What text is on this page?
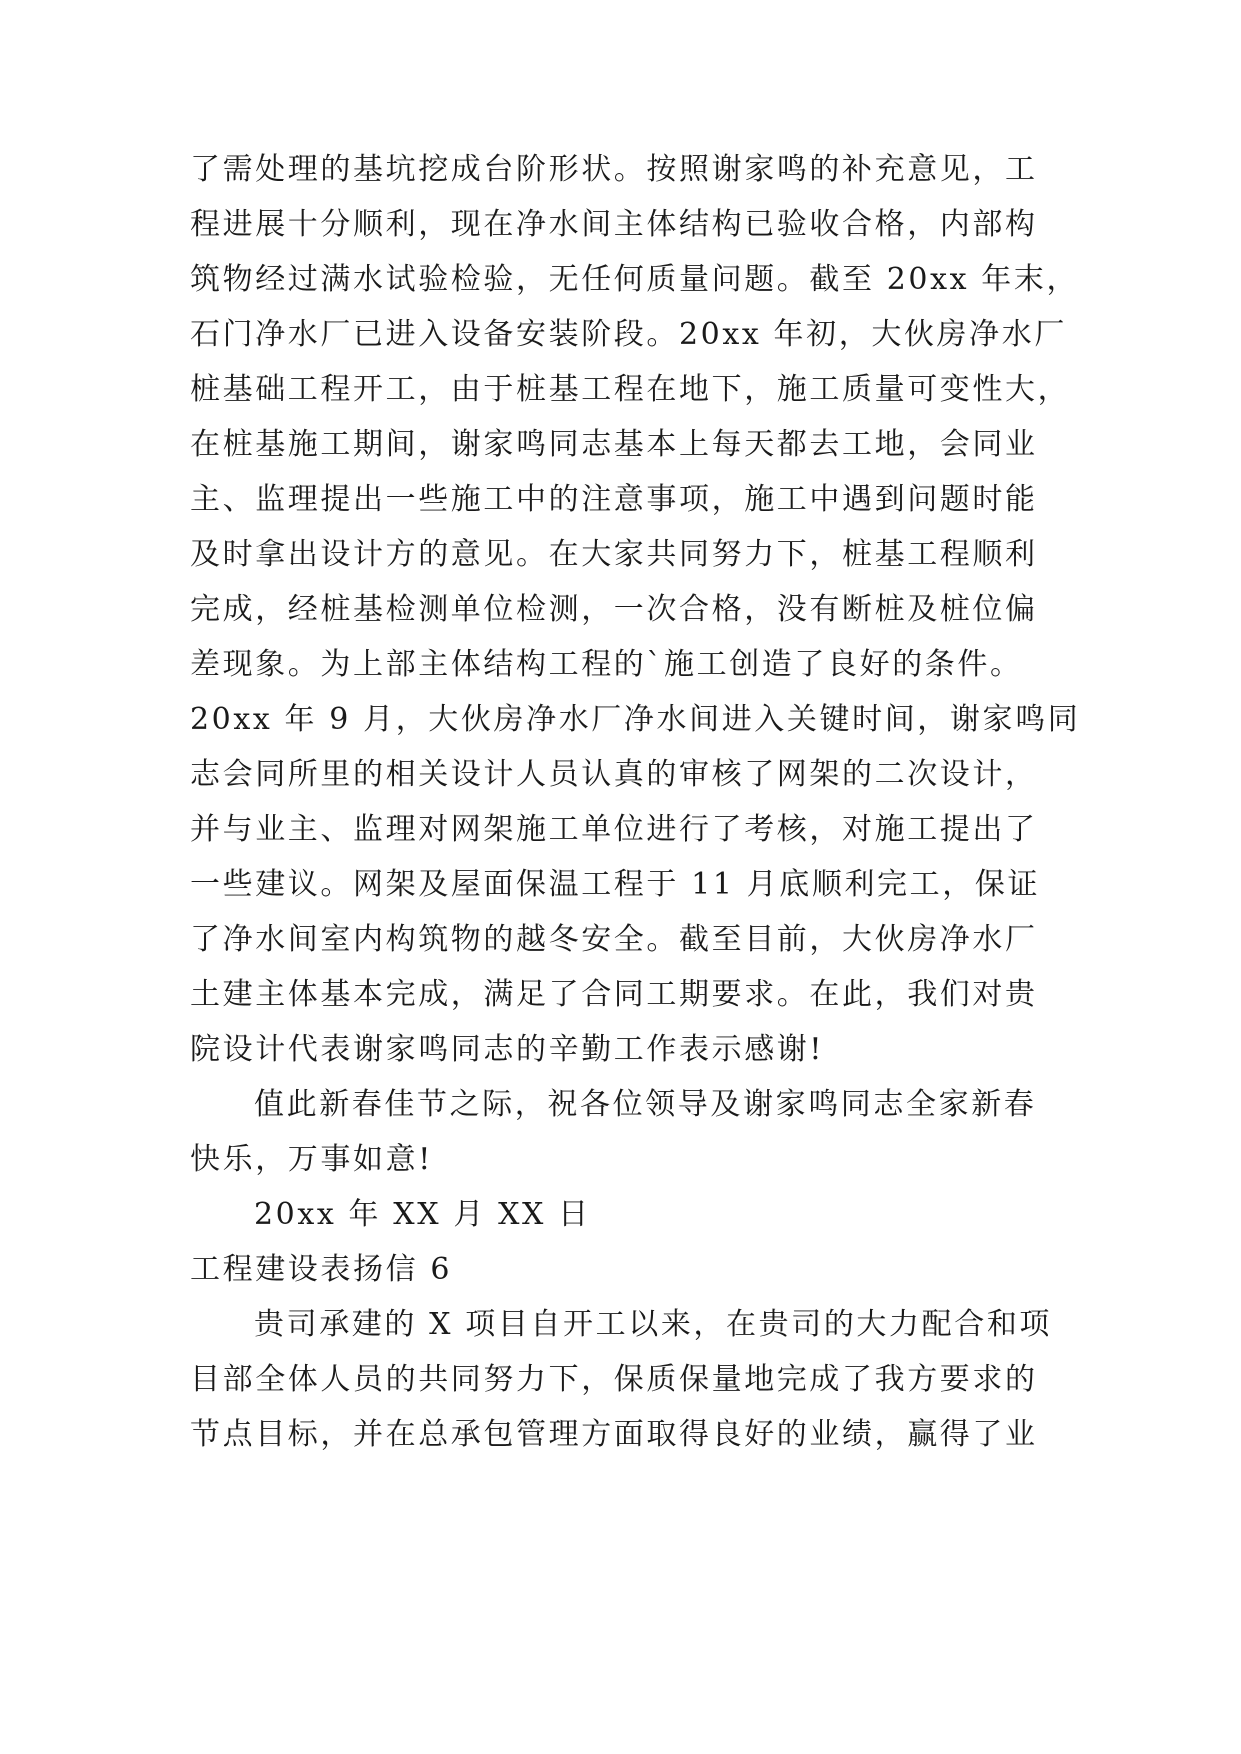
了需处理的基坑挖成台阶形状。按照谢家鸣的补充意见，工
程进展十分顺利，现在净水间主体结构已验收合格，内部构
筑物经过满水试验检验，无任何质量问题。截至 20xx 年末，
石门净水厂已进入设备安装阶段。20xx 年初，大伙房净水厂
桩基础工程开工，由于桩基工程在地下，施工质量可变性大，
在桩基施工期间，谢家鸣同志基本上每天都去工地，会同业
主、监理提出一些施工中的注意事项，施工中遇到问题时能
及时拿出设计方的意见。在大家共同努力下，桩基工程顺利
完成，经桩基检测单位检测，一次合格，没有断桩及桩位偏
差现象。为上部主体结构工程的`施工创造了良好的条件。
20xx 年 9 月，大伙房净水厂净水间进入关键时间，谢家鸣同
志会同所里的相关设计人员认真的审核了网架的二次设计，
并与业主、监理对网架施工单位进行了考核，对施工提出了
一些建议。网架及屋面保温工程于 11 月底顺利完工，保证
了净水间室内构筑物的越冬安全。截至目前，大伙房净水厂
土建主体基本完成，满足了合同工期要求。在此，我们对贵
院设计代表谢家鸣同志的辛勤工作表示感谢!
值此新春佳节之际，祝各位领导及谢家鸣同志全家新春
快乐，万事如意!
20xx 年 XX 月 XX 日
工程建设表扬信 6
贵司承建的 X 项目自开工以来，在贵司的大力配合和项
目部全体人员的共同努力下，保质保量地完成了我方要求的
节点目标，并在总承包管理方面取得良好的业绩，赢得了业
